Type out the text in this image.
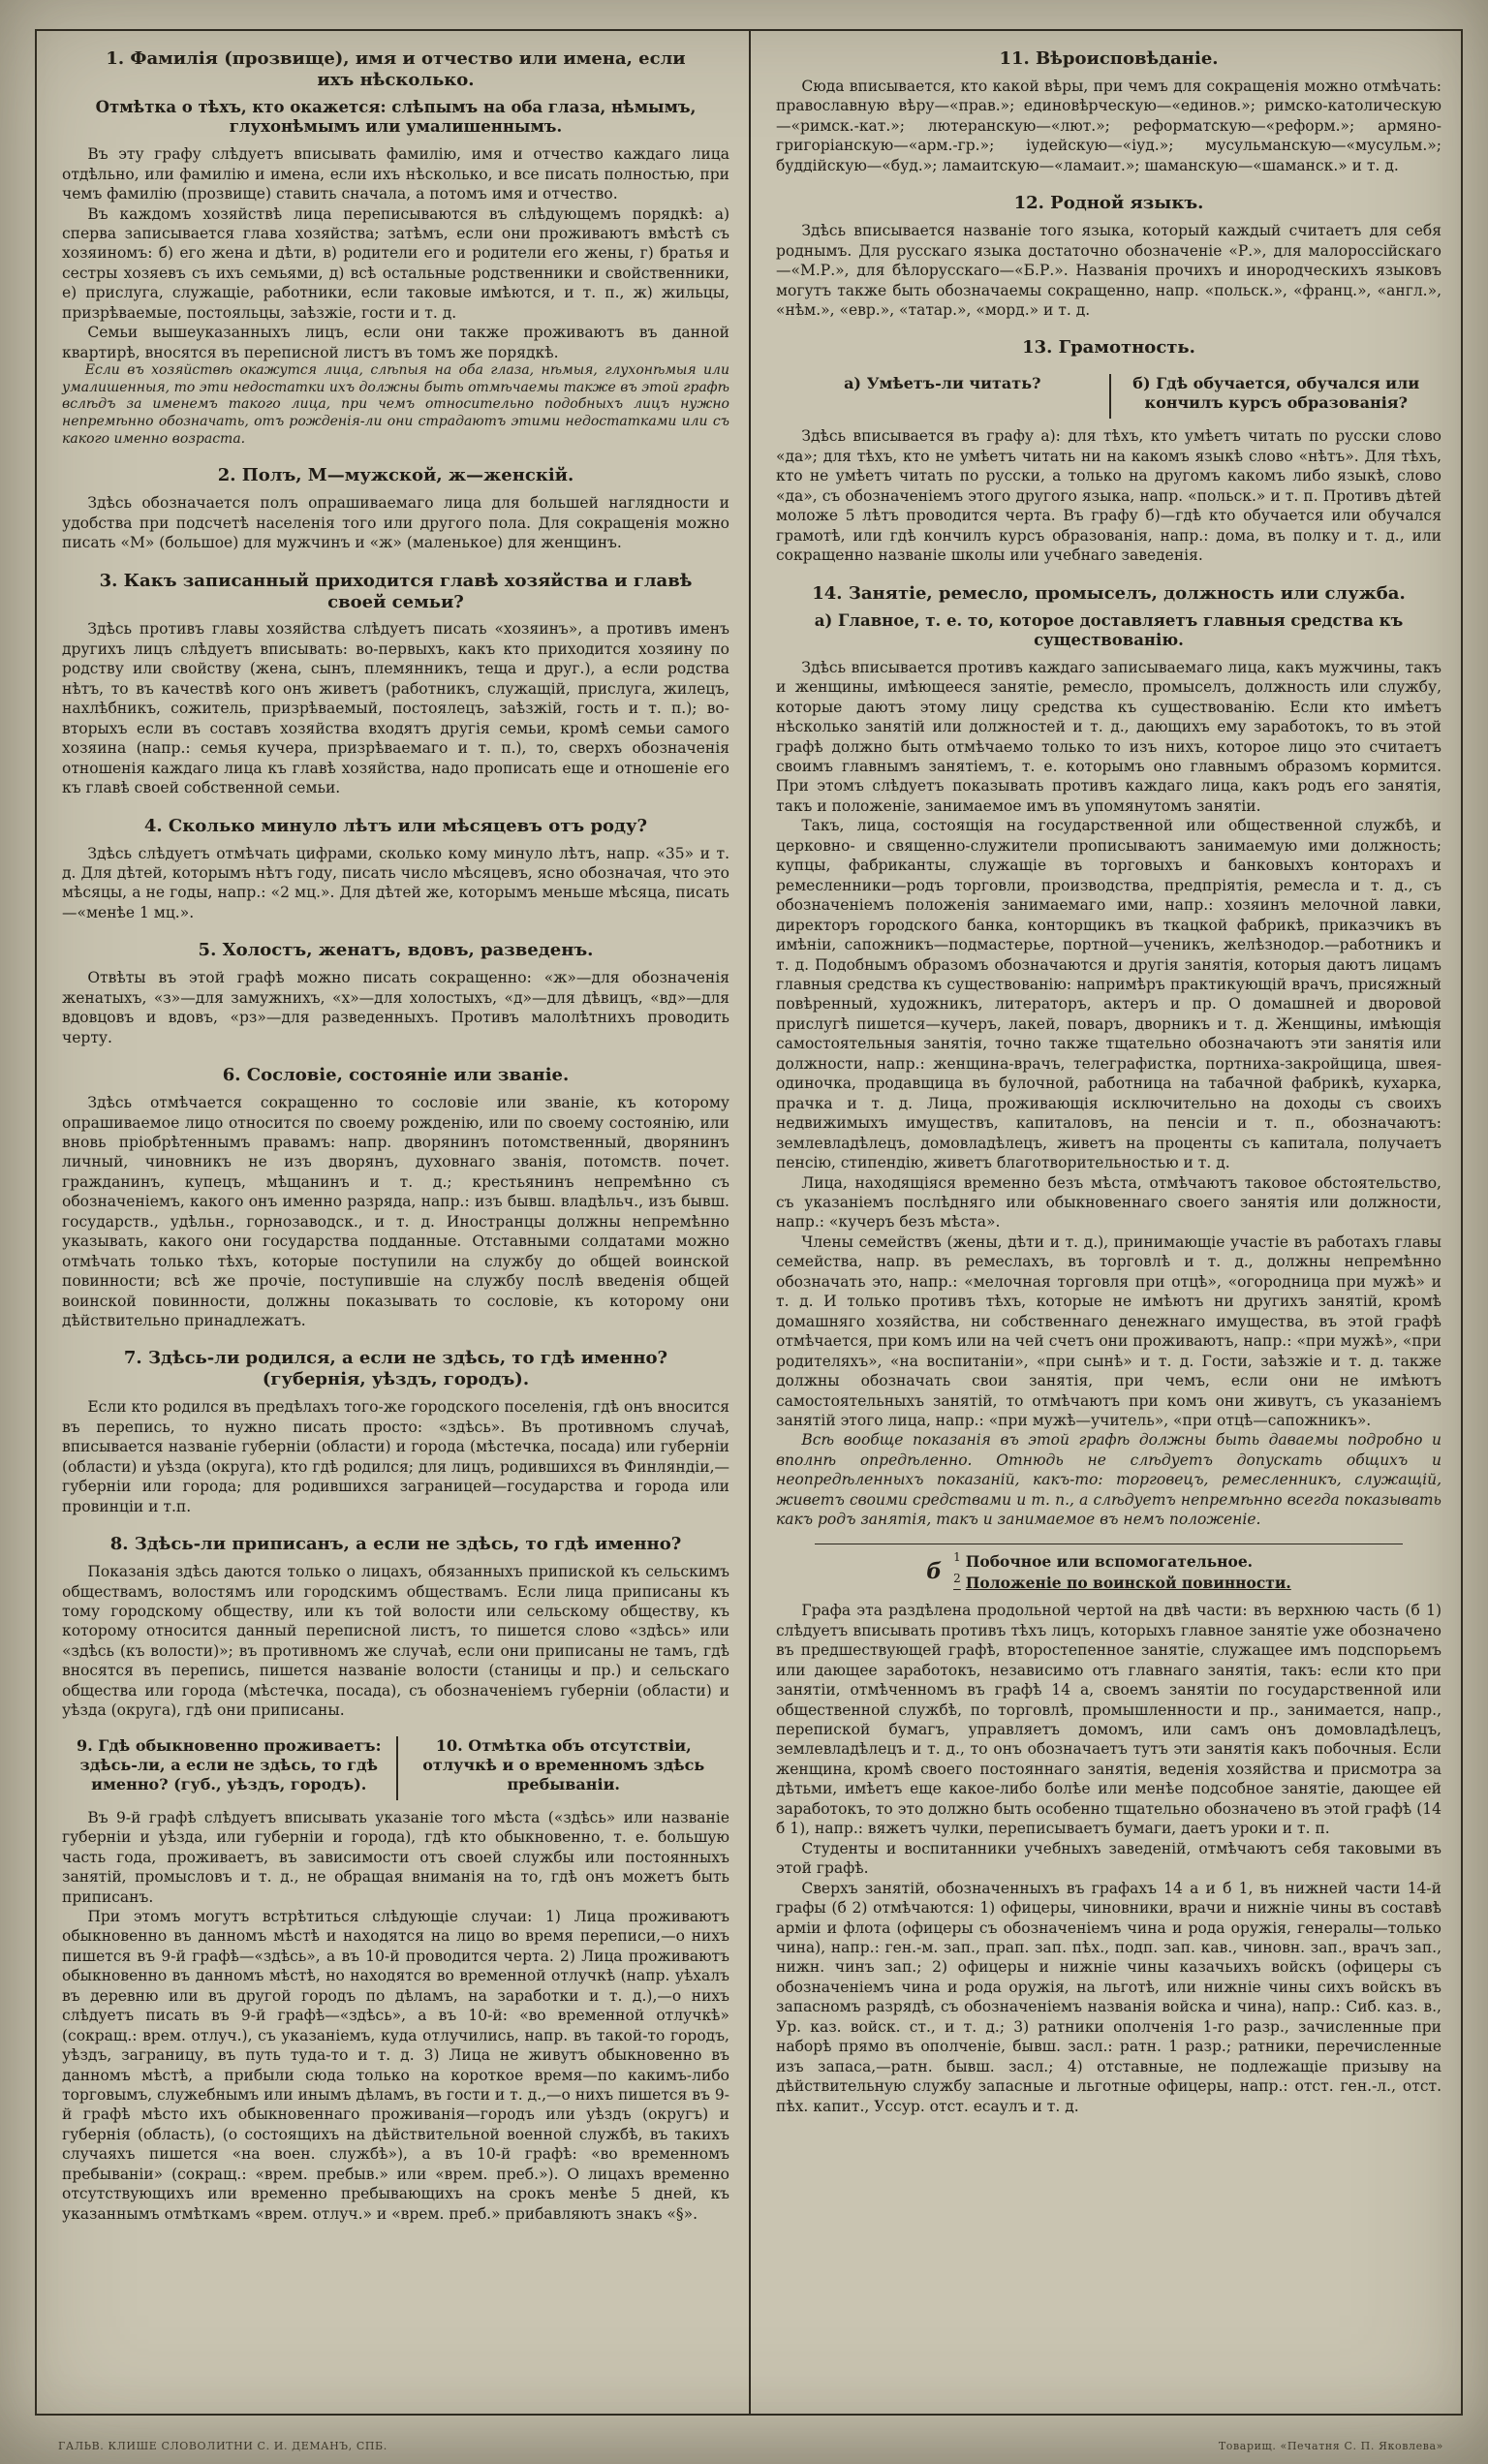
1. Фамилія (прозвище), имя и отчество или имена, если ихъ нѣсколько.
Отмѣтка о тѣхъ, кто окажется: слѣпымъ на оба глаза, нѣмымъ, глухонѣмымъ или умалишеннымъ.

Въ эту графу слѣдуетъ вписывать фамилію, имя и отчество каждаго лица отдѣльно, или фамилію и имена, если ихъ нѣсколько, и все писать полностью, при чемъ фамилію (прозвище) ставить сначала, а потомъ имя и отчество.

Въ каждомъ хозяйствѣ лица переписываются въ слѣдующемъ порядкѣ: а) сперва записывается глава хозяйства; затѣмъ, если они проживаютъ вмѣстѣ съ хозяиномъ: б) его жена и дѣти, в) родители его и родители его жены, г) братья и сестры хозяевъ съ ихъ семьями, д) всѣ остальные родственники и свойственники, е) прислуга, служащіе, работники, если таковые имѣются, и т. п., ж) жильцы, призрѣваемые, постояльцы, заѣзжіе, гости и т. д.

Семьи вышеуказанныхъ лицъ, если они также проживаютъ въ данной квартирѣ, вносятся въ переписной листъ въ томъ же порядкѣ.

Если въ хозяйствѣ окажутся лица, слѣпыя на оба глаза, нѣмыя, глухонѣмыя или умалишенныя, то эти недостатки ихъ должны быть отмѣчаемы также въ этой графѣ вслѣдъ за именемъ такого лица, при чемъ относительно подобныхъ лицъ нужно непремѣнно обозначать, отъ рожденія-ли они страдаютъ этими недостатками или съ какого именно возраста.

2. Полъ, М—мужской, ж—женскій.

Здѣсь обозначается полъ опрашиваемаго лица для большей наглядности и удобства при подсчетѣ населенія того или другого пола. Для сокращенія можно писать «М» (большое) для мужчинъ и «ж» (маленькое) для женщинъ.

3. Какъ записанный приходится главѣ хозяйства и главѣ своей семьи?

Здѣсь противъ главы хозяйства слѣдуетъ писать «хозяинъ», а противъ именъ другихъ лицъ слѣдуетъ вписывать: во-первыхъ, какъ кто приходится хозяину по родству или свойству (жена, сынъ, племянникъ, теща и друг.), а если родства нѣтъ, то въ качествѣ кого онъ живетъ (работникъ, служащій, прислуга, жилецъ, нахлѣбникъ, сожитель, призрѣваемый, постоялецъ, заѣзжій, гость и т. п.); во-вторыхъ если въ составъ хозяйства входятъ другія семьи, кромѣ семьи самого хозяина (напр.: семья кучера, призрѣваемаго и т. п.), то, сверхъ обозначенія отношенія каждаго лица къ главѣ хозяйства, надо прописать еще и отношеніе его къ главѣ своей собственной семьи.

4. Сколько минуло лѣтъ или мѣсяцевъ отъ роду?

Здѣсь слѣдуетъ отмѣчать цифрами, сколько кому минуло лѣтъ, напр. «35» и т. д. Для дѣтей, которымъ нѣтъ году, писать число мѣсяцевъ, ясно обозначая, что это мѣсяцы, а не годы, напр.: «2 мц.». Для дѣтей же, которымъ меньше мѣсяца, писать—«менѣе 1 мц.».

5. Холостъ, женатъ, вдовъ, разведенъ.

Отвѣты въ этой графѣ можно писать сокращенно: «ж»—для обозначенія женатыхъ, «з»—для замужнихъ, «х»—для холостыхъ, «д»—для дѣвицъ, «вд»—для вдовцовъ и вдовъ, «рз»—для разведенныхъ. Противъ малолѣтнихъ проводить черту.

6. Сословіе, состояніе или званіе.

Здѣсь отмѣчается сокращенно то сословіе или званіе, къ которому опрашиваемое лицо относится по своему рожденію, или по своему состоянію, или вновь пріобрѣтеннымъ правамъ: напр. дворянинъ потомственный, дворянинъ личный, чиновникъ не изъ дворянъ, духовнаго званія, потомств. почет. гражданинъ, купецъ, мѣщанинъ и т. д.; крестьянинъ непремѣнно съ обозначеніемъ, какого онъ именно разряда, напр.: изъ бывш. владѣльч., изъ бывш. государств., удѣльн., горнозаводск., и т. д. Иностранцы должны непремѣнно указывать, какого они государства подданные. Отставными солдатами можно отмѣчать только тѣхъ, которые поступили на службу до общей воинской повинности; всѣ же прочіе, поступившіе на службу послѣ введенія общей воинской повинности, должны показывать то сословіе, къ которому они дѣйствительно принадлежатъ.

7. Здѣсь-ли родился, а если не здѣсь, то гдѣ именно? (губернія, уѣздъ, городъ).

Если кто родился въ предѣлахъ того-же городского поселенія, гдѣ онъ вносится въ перепись, то нужно писать просто: «здѣсь». Въ противномъ случаѣ, вписывается названіе губерніи (области) и города (мѣстечка, посада) или губерніи (области) и уѣзда (округа), кто гдѣ родился; для лицъ, родившихся въ Финляндіи,—губерніи или города; для родившихся заграницей—государства и города или провинціи и т.п.

8. Здѣсь-ли приписанъ, а если не здѣсь, то гдѣ именно?

Показанія здѣсь даются только о лицахъ, обязанныхъ припиской къ сельскимъ обществамъ, волостямъ или городскимъ обществамъ. Если лица приписаны къ тому городскому обществу, или къ той волости или сельскому обществу, къ которому относится данный переписной листъ, то пишется слово «здѣсь» или «здѣсь (къ волости)»; въ противномъ же случаѣ, если они приписаны не тамъ, гдѣ вносятся въ перепись, пишется названіе волости (станицы и пр.) и сельскаго общества или города (мѣстечка, посада), съ обозначеніемъ губерніи (области) и уѣзда (округа), гдѣ они приписаны.

9. Гдѣ обыкновенно проживаетъ: здѣсь-ли, а если не здѣсь, то гдѣ именно? (губ., уѣздъ, городъ).
10. Отмѣтка объ отсутствіи, отлучкѣ и о временномъ здѣсь пребываніи.

Въ 9-й графѣ слѣдуетъ вписывать указаніе того мѣста («здѣсь» или названіе губерніи и уѣзда, или губерніи и города), гдѣ кто обыкновенно, т. е. большую часть года, проживаетъ, въ зависимости отъ своей службы или постоянныхъ занятій, промысловъ и т. д., не обращая вниманія на то, гдѣ онъ можетъ быть приписанъ.

При этомъ могутъ встрѣтиться слѣдующіе случаи: 1) Лица проживаютъ обыкновенно въ данномъ мѣстѣ и находятся на лицо во время переписи,—о нихъ пишется въ 9-й графѣ—«здѣсь», а въ 10-й проводится черта. 2) Лица проживаютъ обыкновенно въ данномъ мѣстѣ, но находятся во временной отлучкѣ (напр. уѣхалъ въ деревню или въ другой городъ по дѣламъ, на заработки и т. д.),—о нихъ слѣдуетъ писать въ 9-й графѣ—«здѣсь», а въ 10-й: «во временной отлучкѣ» (сокращ.: врем. отлуч.), съ указаніемъ, куда отлучились, напр. въ такой-то городъ, уѣздъ, заграницу, въ путь туда-то и т. д. 3) Лица не живутъ обыкновенно въ данномъ мѣстѣ, а прибыли сюда только на короткое время—по какимъ-либо торговымъ, служебнымъ или инымъ дѣламъ, въ гости и т. д.,—о нихъ пишется въ 9-й графѣ мѣсто ихъ обыкновеннаго проживанія—городъ или уѣздъ (округъ) и губернія (область), (о состоящихъ на дѣйствительной военной службѣ, въ такихъ случаяхъ пишется «на воен. службѣ»), а въ 10-й графѣ: «во временномъ пребываніи» (сокращ.: «врем. пребыв.» или «врем. преб.»). О лицахъ временно отсутствующихъ или временно пребывающихъ на срокъ менѣе 5 дней, къ указаннымъ отмѣткамъ «врем. отлуч.» и «врем. преб.» прибавляютъ знакъ «§».

11. Вѣроисповѣданіе.

Сюда вписывается, кто какой вѣры, при чемъ для сокращенія можно отмѣчать: православную вѣру—«прав.»; единовѣрческую—«единов.»; римско-католическую—«римск.-кат.»; лютеранскую—«лют.»; реформатскую—«реформ.»; армяно-григоріанскую—«арм.-гр.»; іудейскую—«іуд.»; мусульманскую—«мусульм.»; буддійскую—«буд.»; ламаитскую—«ламаит.»; шаманскую—«шаманск.» и т. д.

12. Родной языкъ.

Здѣсь вписывается названіе того языка, который каждый считаетъ для себя роднымъ. Для русскаго языка достаточно обозначеніе «Р.», для малороссійскаго—«М.Р.», для бѣлорусскаго—«Б.Р.». Названія прочихъ и инородческихъ языковъ могутъ также быть обозначаемы сокращенно, напр. «польск.», «франц.», «англ.», «нѣм.», «евр.», «татар.», «морд.» и т. д.

13. Грамотность.
а) Умѣетъ-ли читать?	б) Гдѣ обучается, обучался или кончилъ курсъ образованія?

Здѣсь вписывается въ графу а): для тѣхъ, кто умѣетъ читать по русски слово «да»; для тѣхъ, кто не умѣетъ читать ни на какомъ языкѣ слово «нѣтъ». Для тѣхъ, кто не умѣетъ читать по русски, а только на другомъ какомъ либо языкѣ, слово «да», съ обозначеніемъ этого другого языка, напр. «польск.» и т. п. Противъ дѣтей моложе 5 лѣтъ проводится черта. Въ графу б)—гдѣ кто обучается или обучался грамотѣ, или гдѣ кончилъ курсъ образованія, напр.: дома, въ полку и т. д., или сокращенно названіе школы или учебнаго заведенія.

14. Занятіе, ремесло, промыселъ, должность или служба.
а) Главное, т. е. то, которое доставляетъ главныя средства къ существованію.

Здѣсь вписывается противъ каждаго записываемаго лица, какъ мужчины, такъ и женщины, имѣющееся занятіе, ремесло, промыселъ, должность или службу, которые даютъ этому лицу средства къ существованію. Если кто имѣетъ нѣсколько занятій или должностей и т. д., дающихъ ему заработокъ, то въ этой графѣ должно быть отмѣчаемо только то изъ нихъ, которое лицо это считаетъ своимъ главнымъ занятіемъ, т. е. которымъ оно главнымъ образомъ кормится. При этомъ слѣдуетъ показывать противъ каждаго лица, какъ родъ его занятія, такъ и положеніе, занимаемое имъ въ упомянутомъ занятіи.

Такъ, лица, состоящія на государственной или общественной службѣ, и церковно- и священно-служители прописываютъ занимаемую ими должность; купцы, фабриканты, служащіе въ торговыхъ и банковыхъ конторахъ и ремесленники—родъ торговли, производства, предпріятія, ремесла и т. д., съ обозначеніемъ положенія занимаемаго ими, напр.: хозяинъ мелочной лавки, директоръ городского банка, конторщикъ въ ткацкой фабрикѣ, приказчикъ въ имѣніи, сапожникъ—подмастерье, портной—ученикъ, желѣзнодор.—работникъ и т. д. Подобнымъ образомъ обозначаются и другія занятія, которыя даютъ лицамъ главныя средства къ существованію: напримѣръ практикующій врачъ, присяжный повѣренный, художникъ, литераторъ, актеръ и пр. О домашней и дворовой прислугѣ пишется—кучеръ, лакей, поваръ, дворникъ и т. д. Женщины, имѣющія самостоятельныя занятія, точно также тщательно обозначаютъ эти занятія или должности, напр.: женщина-врачъ, телеграфистка, портниха-закройщица, швея-одиночка, продавщица въ булочной, работница на табачной фабрикѣ, кухарка, прачка и т. д. Лица, проживающія исключительно на доходы съ своихъ недвижимыхъ имуществъ, капиталовъ, на пенсіи и т. п., обозначаютъ: землевладѣлецъ, домовладѣлецъ, живетъ на проценты съ капитала, получаетъ пенсію, стипендію, живетъ благотворительностью и т. д.

Лица, находящіяся временно безъ мѣста, отмѣчаютъ таковое обстоятельство, съ указаніемъ послѣдняго или обыкновеннаго своего занятія или должности, напр.: «кучеръ безъ мѣста».

Члены семействъ (жены, дѣти и т. д.), принимающіе участіе въ работахъ главы семейства, напр. въ ремеслахъ, въ торговлѣ и т. д., должны непремѣнно обозначать это, напр.: «мелочная торговля при отцѣ», «огородница при мужѣ» и т. д. И только противъ тѣхъ, которые не имѣютъ ни другихъ занятій, кромѣ домашняго хозяйства, ни собственнаго денежнаго имущества, въ этой графѣ отмѣчается, при комъ или на чей счетъ они проживаютъ, напр.: «при мужѣ», «при родителяхъ», «на воспитаніи», «при сынѣ» и т. д. Гости, заѣзжіе и т. д. также должны обозначать свои занятія, при чемъ, если они не имѣютъ самостоятельныхъ занятій, то отмѣчаютъ при комъ они живутъ, съ указаніемъ занятій этого лица, напр.: «при мужѣ—учитель», «при отцѣ—сапожникъ».

Всѣ вообще показанія въ этой графѣ должны быть даваемы подробно и вполнѣ опредѣленно. Отнюдь не слѣдуетъ допускать общихъ и неопредѣленныхъ показаній, какъ-то: торговецъ, ремесленникъ, служащій, живетъ своими средствами и т. п., а слѣдуетъ непремѣнно всегда показывать какъ родъ занятія, такъ и занимаемое въ немъ положеніе.

б
$^1$ Побочное или вспомогательное.
$^2$ Положеніе по воинской повинности.

Графа эта раздѣлена продольной чертой на двѣ части: въ верхнюю часть (б 1) слѣдуетъ вписывать противъ тѣхъ лицъ, которыхъ главное занятіе уже обозначено въ предшествующей графѣ, второстепенное занятіе, служащее имъ подспорьемъ или дающее заработокъ, независимо отъ главнаго занятія, такъ: если кто при занятіи, отмѣченномъ въ графѣ 14 а, своемъ занятіи по государственной или общественной службѣ, по торговлѣ, промышленности и пр., занимается, напр., перепиской бумагъ, управляетъ домомъ, или самъ онъ домовладѣлецъ, землевладѣлецъ и т. д., то онъ обозначаетъ тутъ эти занятія какъ побочныя. Если женщина, кромѣ своего постояннаго занятія, веденія хозяйства и присмотра за дѣтьми, имѣетъ еще какое-либо болѣе или менѣе подсобное занятіе, дающее ей заработокъ, то это должно быть особенно тщательно обозначено въ этой графѣ (14 б 1), напр.: вяжетъ чулки, переписываетъ бумаги, даетъ уроки и т. п.

Студенты и воспитанники учебныхъ заведеній, отмѣчаютъ себя таковыми въ этой графѣ.

Сверхъ занятій, обозначенныхъ въ графахъ 14 а и б 1, въ нижней части 14-й графы (б 2) отмѣчаются: 1) офицеры, чиновники, врачи и нижніе чины въ составѣ арміи и флота (офицеры съ обозначеніемъ чина и рода оружія, генералы—только чина), напр.: ген.-м. зап., прап. зап. пѣх., подп. зап. кав., чиновн. зап., врачъ зап., нижн. чинъ зап.; 2) офицеры и нижніе чины казачьихъ войскъ (офицеры съ обозначеніемъ чина и рода оружія, на льготѣ, или нижніе чины сихъ войскъ въ запасномъ разрядѣ, съ обозначеніемъ названія войска и чина), напр.: Сиб. каз. в., Ур. каз. войск. ст., и т. д.; 3) ратники ополченія 1-го разр., зачисленные при наборѣ прямо въ ополченіе, бывш. засл.: ратн. 1 разр.; ратники, перечисленные изъ запаса,—ратн. бывш. засл.; 4) отставные, не подлежащіе призыву на дѣйствительную службу запасные и льготные офицеры, напр.: отст. ген.-л., отст. пѣх. капит., Уссур. отст. есаулъ и т. д.

ГАЛЬВ. КЛИШЕ СЛОВОЛИТНИ С. И. ДЕМАНЪ, СПБ.	Товарищ. «Печатня С. П. Яковлева»
